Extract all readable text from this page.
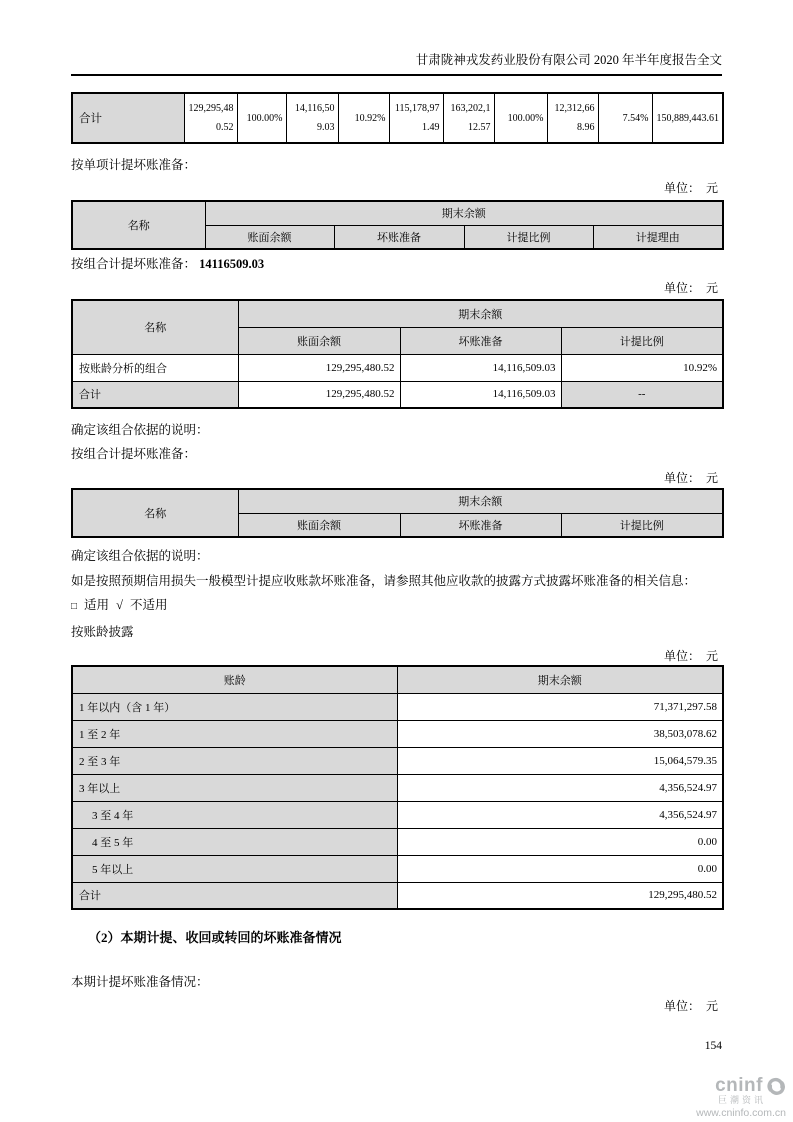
甘肃陇神戎发药业股份有限公司 2020 年半年度报告全文
合计	129,295,480.52	100.00%	14,116,509.03	10.92%	115,178,971.49	163,202,112.57	100.00%	12,312,668.96	7.54%	150,889,443.61

按单项计提坏账准备：

单位：  元
名称	期末余额			
	账面余额	坏账准备	计提比例	计提理由

按组合计提坏账准备： 14116509.03

单位：  元
名称	期末余额		
	账面余额	坏账准备	计提比例
按账龄分析的组合	129,295,480.52	14,116,509.03	10.92%
合计	129,295,480.52	14,116,509.03	--

确定该组合依据的说明：

按组合计提坏账准备：

单位：  元
名称	期末余额		
	账面余额	坏账准备	计提比例

确定该组合依据的说明：

如是按照预期信用损失一般模型计提应收账款坏账准备，请参照其他应收款的披露方式披露坏账准备的相关信息：

□ 适用 √ 不适用

按账龄披露

单位：  元
账龄	期末余额
1 年以内（含 1 年）	71,371,297.58
1 至 2 年	38,503,078.62
2 至 3 年	15,064,579.35
3 年以上	4,356,524.97
3 至 4 年	4,356,524.97
4 至 5 年	0.00
5 年以上	0.00
合计	129,295,480.52
（2）本期计提、收回或转回的坏账准备情况

本期计提坏账准备情况：

单位：  元
154
cninf
巨潮资讯
www.cninfo.com.cn
